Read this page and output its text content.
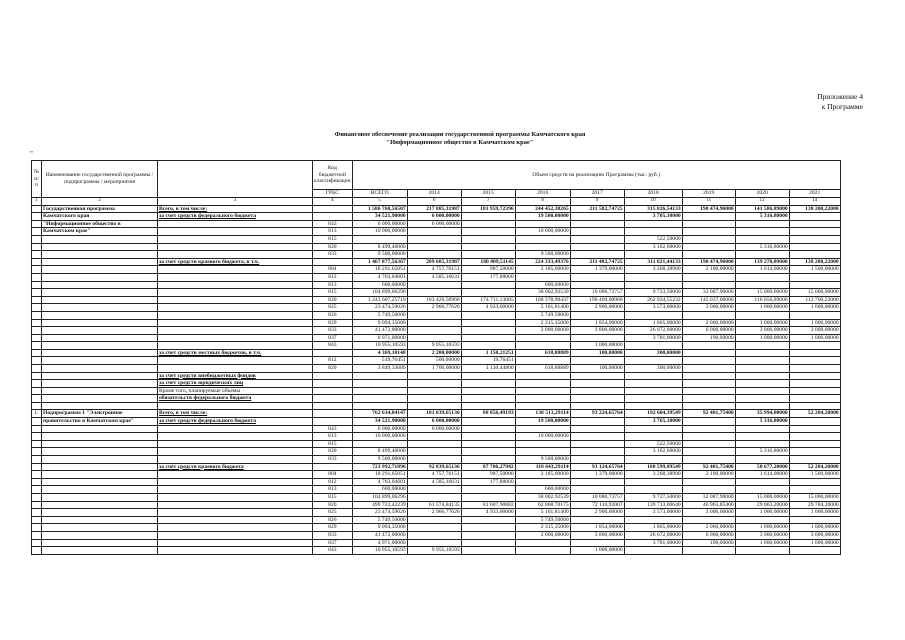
Приложение 4
к Программе
Финансовое обеспечение реализации государственной программы Камчатского края
"Информационное общество в Камчатском крае"
"
№ п/п	Наименование государственной программы / подпрограммы / мероприятия		Код бюджетной классификации	Объем средств на реализацию Программы (тыс. руб.)								
			ГРБС	ВСЕГО	2014	2015	2016	2017	2018	2019	2020	2021
1	2	3	4	5	6	7	8	9	10	11	12	14
	Государственная программа	Всего, в том числе:		1 586 768,56507	217 885,31987	181 959,72396	244 452,38265	211 582,74725	315 826,54133	190 474,96000	141 586,89000	138 200,22000
	Камчатского края	за счет средств федерального бюджета		34 521,90000	6 000,00000		19 500,00000		3 705,10000		5 316,80000	
	"Информационное общество в		843	6 000,00000	6 000,00000							
	Камчатском крае"		813	10 000,00000			10 000,00000					
			815						522,50000			
			820	8 499,40000					3 182,60000		5 316,80000	
			833	9 500,00000			9 500,00000					
		за счет средств краевого бюджета, в т.ч.		1 467 877,56367	209 685,31987	180 809,51145	224 333,49376	211 482,74725	311 821,44133	190 474,96000	139 270,09000	138 200,22000
			804	18 291,65051	4 757,76151	987,50000	2 185,00000	1 379,00000	3 268,38900	2 100,00000	1 614,00000	1 500,00000
			812	4 763,04601	4 585,16631	177,88060						
			813	600,00000			600,00000					
			815	104 899,06296			38 002,92539	10 080,73757	9 723,50000	32 087,90000	15 000,00000	15 000,00000
			820	1 243 607,25719	183 420,50968	174 711,13085	168 378,90437	190 469,00968	262 934,55232	145 037,06000	116 656,09000	112 700,22000
			825	23 474,59026	2 966,77626	4 933,00000	5 101,81400	2 900,00000	3 573,00000	3 000,00000	1 000,00000	1 000,00000
			826	5 749,50000			5 749,50000					
			829	9 094,35000			2 315,35000	1 854,00000	1 865,00000	2 060,00000	1 000,00000	1 000,00000
			833	41 472,00000			2 000,00000	3 800,00000	26 672,00000	6 000,00000	3 000,00000	3 000,00000
			837	6 971,00000					3 781,00000	190,00000	1 000,00000	1 000,00000
			843	10 955,10593	9 955,10593			1 000,00000				
		за счет средств местных бюджетов, в т.ч.		4 369,10140	2 200,00000	1 150,21251	618,88889	100,00000	300,00000			
			812	519,76451	500,00000	19,76451						
			820	3 849,33689	1 700,00000	1 130,44800	618,88889	100,00000	300,00000			
		за счет средств внебюджетных фондов										
		за счет средств юридических лиц										
		Кроме того, планируемые объемы										
		обязательств федерального бюджета										

1.	Подпрограмма 1 "Электронное	Всего, в том числе:		762 634,84147	101 039,65136	88 856,49193	138 513,29114	93 224,65764	192 604,39549	92 401,75400	35 994,00000	52 284,20000
	правительство в Камчатском крае"	за счет средств федерального бюджета		34 521,90000	6 000,00000		19 500,00000		3 765,10000		5 316,80000	
			843	6 000,00000	6 000,00000							
			813	10 000,00000			10 000,00000					
			815						522,50000			
			820	8 499,40000					3 182,60000		5 316,80000	
			833	9 500,00000			9 500,00000					
		за счет средств краевого бюджета		723 992,71896	92 839,65136	87 706,27942	118 643,29114	93 124,65764	188 599,89549	92 401,75400	50 677,20000	52 284,20000
			804	18 291,65051	4 757,76151	987,50000	2 185,00000	1 379,00000	3 268,38900	2 100,00000	1 614,00000	1 500,00000
			812	4 763,04601	4 585,16631	177,88060						
			813	600,00000			600,00000					
			815	104 899,06296			38 002,92539	10 080,73757	9 727,50000	32 087,90000	15 000,00000	15 000,00000
			820	499 722,42239	61 574,84135	81 607,90882	62 068,70175	72 110,92007	139 713,00640	46 963,85400	29 063,20000	29 784,20000
			825	23 474,59026	2 966,77626	4 933,00000	5 101,81400	2 900,00000	3 573,00000	3 000,00000	1 000,00000	1 000,00000
			826	5 749,50000			5 749,50000					
			829	9 094,35000			2 315,35000	1 854,00000	1 865,00000	2 060,00000	1 000,00000	1 000,00000
			833	41 472,00000			2 000,00000	3 800,00000	26 672,00000	6 000,00000	3 000,00000	3 000,00000
			837	4 971,00000					3 781,00000	190,00000	1 000,00000	1 000,00000
			843	10 955,10593	9 955,10593			1 000,00000				
